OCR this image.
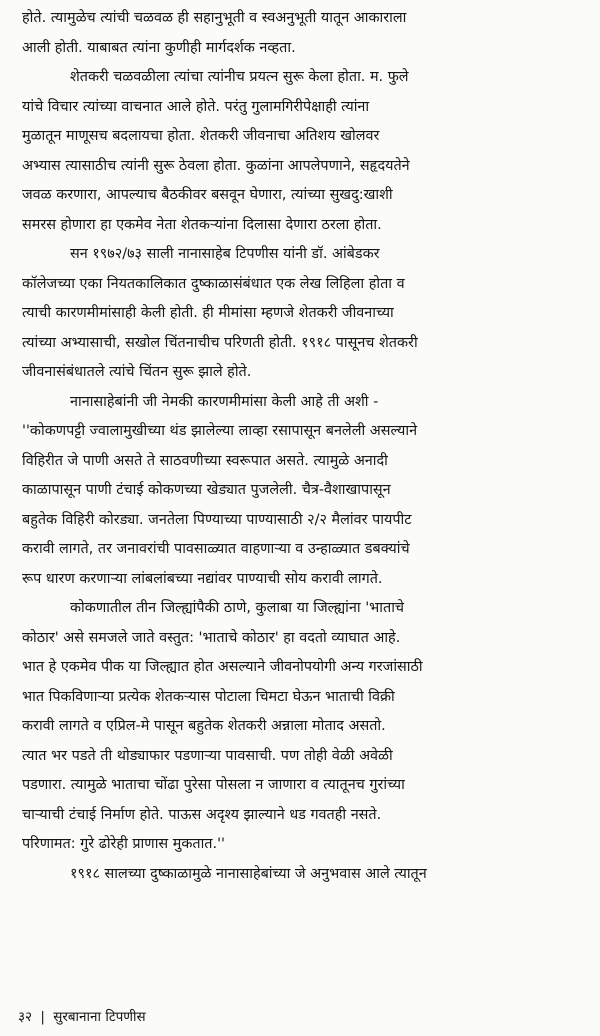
होते. त्यामुळेच त्यांची चळवळ ही सहानुभूती व स्वअनुभूती यातून आकाराला
आली होती. याबाबत त्यांना कुणीही मार्गदर्शक नव्हता.
शेतकरी चळवळीला त्यांचा त्यांनीच प्रयत्न सुरू केला होता. म. फुले
यांचे विचार त्यांच्या वाचनात आले होते. परंतु गुलामगिरीपेक्षाही त्यांना
मुळातून माणूसच बदलायचा होता. शेतकरी जीवनाचा अतिशय खोलवर
अभ्यास त्यासाठीच त्यांनी सुरू ठेवला होता. कुळांना आपलेपणाने, सहृदयतेने
जवळ करणारा, आपल्याच बैठकीवर बसवून घेणारा, त्यांच्या सुखदु:खाशी
समरस होणारा हा एकमेव नेता शेतकऱ्यांना दिलासा देणारा ठरला होता.
सन १९७२/७३ साली नानासाहेब टिपणीस यांनी डॉ. आंबेडकर
कॉलेजच्या एका नियतकालिकात दुष्काळासंबंधात एक लेख लिहिला होता व
त्याची कारणमीमांसाही केली होती. ही मीमांसा म्हणजे शेतकरी जीवनाच्या
त्यांच्या अभ्यासाची, सखोल चिंतनाचीच परिणती होती. १९१८ पासूनच शेतकरी
जीवनासंबंधातले त्यांचे चिंतन सुरू झाले होते.
नानासाहेबांनी जी नेमकी कारणमीमांसा केली आहे ती अशी -
''कोकणपट्टी ज्वालामुखीच्या थंड झालेल्या लाव्हा रसापासून बनलेली असल्याने
विहिरीत जे पाणी असते ते साठवणीच्या स्वरूपात असते. त्यामुळे अनादी
काळापासून पाणी टंचाई कोकणच्या खेड्यात पुजलेली. चैत्र-वैशाखापासून
बहुतेक विहिरी कोरड्या. जनतेला पिण्याच्या पाण्यासाठी २/२ मैलांवर पायपीट
करावी लागते, तर जनावरांची पावसाळ्यात वाहणाऱ्या व उन्हाळ्यात डबक्यांचे
रूप धारण करणाऱ्या लांबलांबच्या नद्यांवर पाण्याची सोय करावी लागते.
कोकणातील तीन जिल्ह्यांपैकी ठाणे, कुलाबा या जिल्ह्यांना 'भाताचे
कोठार' असे समजले जाते वस्तुत: 'भाताचे कोठार' हा वदतो व्याघात आहे.
भात हे एकमेव पीक या जिल्ह्यात होत असल्याने जीवनोपयोगी अन्य गरजांसाठी
भात पिकविणाऱ्या प्रत्येक शेतकऱ्यास पोटाला चिमटा घेऊन भाताची विक्री
करावी लागते व एप्रिल-मे पासून बहुतेक शेतकरी अन्नाला मोताद असतो.
त्यात भर पडते ती थोड्याफार पडणाऱ्या पावसाची. पण तोही वेळी अवेळी
पडणारा. त्यामुळे भाताचा चोंढा पुरेसा पोसला न जाणारा व त्यातूनच गुरांच्या
चाऱ्याची टंचाई निर्माण होते. पाऊस अदृश्य झाल्याने धड गवतही नसते.
परिणामत: गुरे ढोरेही प्राणास मुकतात.''
१९१८ सालच्या दुष्काळामुळे नानासाहेबांच्या जे अनुभवास आले त्यातून
३२ | सुरबानाना टिपणीस
